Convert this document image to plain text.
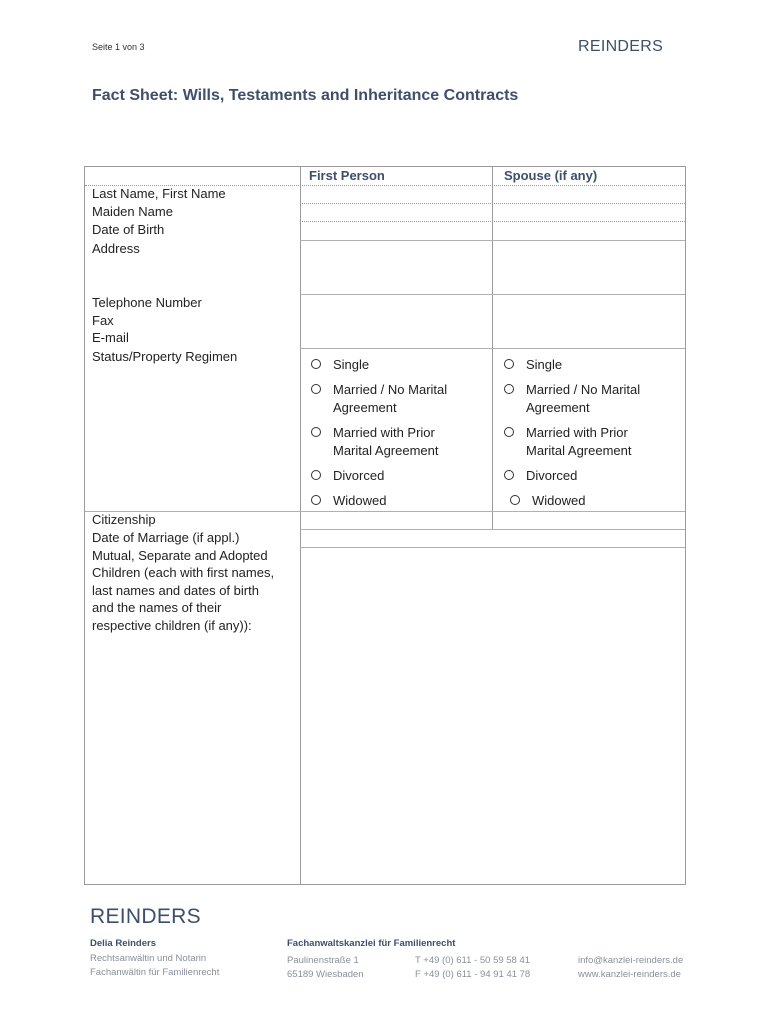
Seite 1 von 3	REINDERS
Fact Sheet: Wills, Testaments and Inheritance Contracts
First Person	Spouse (if any)
Last Name, First Name
Maiden Name
Date of Birth
Address
Telephone Number
Fax
E-mail
Status/Property Regimen
Citizenship
Date of Marriage (if appl.)
Mutual, Separate and Adopted
Children (each with first names,
last names and dates of birth
and the names of their
respective children (if any)):
Single
Married / No Marital
Agreement
Married with Prior
Marital Agreement
Divorced
Widowed
Single
Married / No Marital
Agreement
Married with Prior
Marital Agreement
Divorced
Widowed
REINDERS
Delia Reinders
Rechtsanwältin und Notarin
Fachanwältin für Familienrecht
Fachanwaltskanzlei für Familienrecht
Paulinenstraße 1
65189 Wiesbaden
T +49 (0) 611 - 50 59 58 41
F +49 (0) 611 - 94 91 41 78
info@kanzlei-reinders.de
www.kanzlei-reinders.de
